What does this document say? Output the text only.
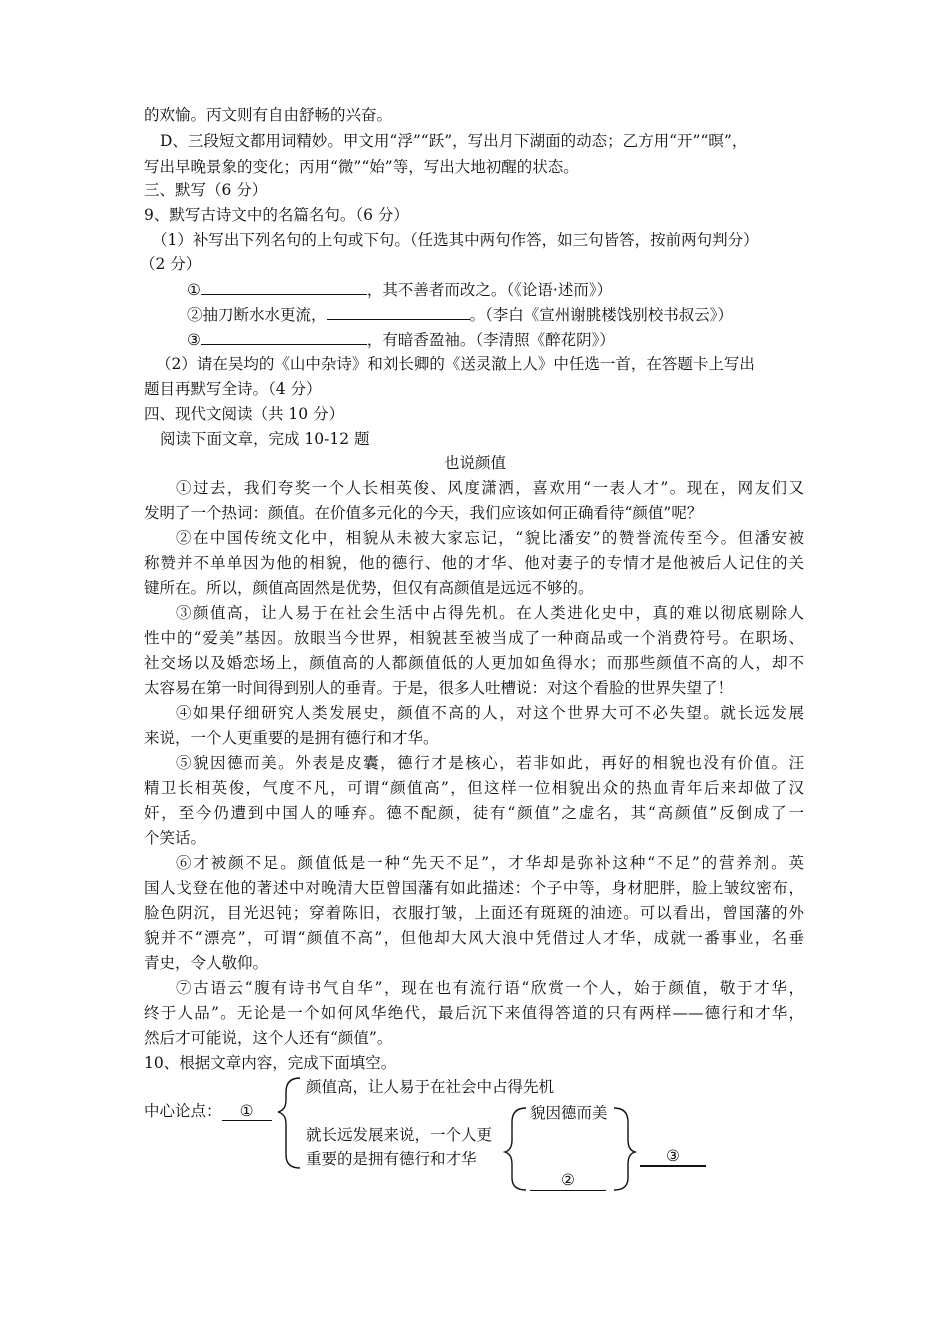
的欢愉。丙文则有自由舒畅的兴奋。
D、三段短文都用词精妙。甲文用“浮”“跃”，写出月下湖面的动态；乙方用“开”“暝”，
写出早晚景象的变化；丙用“微”“始”等，写出大地初醒的状态。
三、默写（6 分）
9、默写古诗文中的名篇名句。（6 分）
（1）补写出下列名句的上句或下句。（任选其中两句作答，如三句皆答，按前两句判分）
（2 分）
①	，其不善者而改之。（《论语·述而》）
②抽刀断水水更流，	。（李白《宣州谢朓楼饯别校书叔云》）
③	，有暗香盈袖。（李清照《醉花阴》）
（2）请在吴均的《山中杂诗》和刘长卿的《送灵澈上人》中任选一首，在答题卡上写出
题目再默写全诗。（4 分）
四、现代文阅读（共 10 分）
阅读下面文章，完成 10-12 题
也说颜值
①过去，我们夸奖一个人长相英俊、风度潇洒，喜欢用“一表人才”。现在，网友们又
发明了一个热词：颜值。在价值多元化的今天，我们应该如何正确看待“颜值”呢？
②在中国传统文化中，相貌从未被大家忘记，“貌比潘安”的赞誉流传至今。但潘安被
称赞并不单单因为他的相貌，他的德行、他的才华、他对妻子的专情才是他被后人记住的关
键所在。所以，颜值高固然是优势，但仅有高颜值是远远不够的。
③颜值高，让人易于在社会生活中占得先机。在人类进化史中，真的难以彻底剔除人
性中的“爱美”基因。放眼当今世界，相貌甚至被当成了一种商品或一个消费符号。在职场、
社交场以及婚恋场上，颜值高的人都颜值低的人更加如鱼得水；而那些颜值不高的人，却不
太容易在第一时间得到别人的垂青。于是，很多人吐槽说：对这个看脸的世界失望了！
④如果仔细研究人类发展史，颜值不高的人，对这个世界大可不必失望。就长远发展
来说，一个人更重要的是拥有德行和才华。
⑤貌因德而美。外表是皮囊，德行才是核心，若非如此，再好的相貌也没有价值。汪
精卫长相英俊，气度不凡，可谓“颜值高”，但这样一位相貌出众的热血青年后来却做了汉
奸，至今仍遭到中国人的唾弃。德不配颜，徒有“颜值”之虚名，其“高颜值”反倒成了一
个笑话。
⑥才被颜不足。颜值低是一种“先天不足”，才华却是弥补这种“不足”的营养剂。英
国人戈登在他的著述中对晚清大臣曾国藩有如此描述：个子中等，身材肥胖，脸上皱纹密布，
脸色阴沉，目光迟钝；穿着陈旧，衣服打皱，上面还有斑斑的油迹。可以看出，曾国藩的外
貌并不“漂亮”，可谓“颜值不高”，但他却大风大浪中凭借过人才华，成就一番事业，名垂
青史，令人敬仰。
⑦古语云“腹有诗书气自华”，现在也有流行语“欣赏一个人，始于颜值，敬于才华，
终于人品”。无论是一个如何风华绝代，最后沉下来值得答道的只有两样——德行和才华，
然后才可能说，这个人还有“颜值”。
10、根据文章内容，完成下面填空。
中心论点： ①
颜值高，让人易于在社会中占得先机
就长远发展来说，一个人更
重要的是拥有德行和才华
貌因德而美
②
③
